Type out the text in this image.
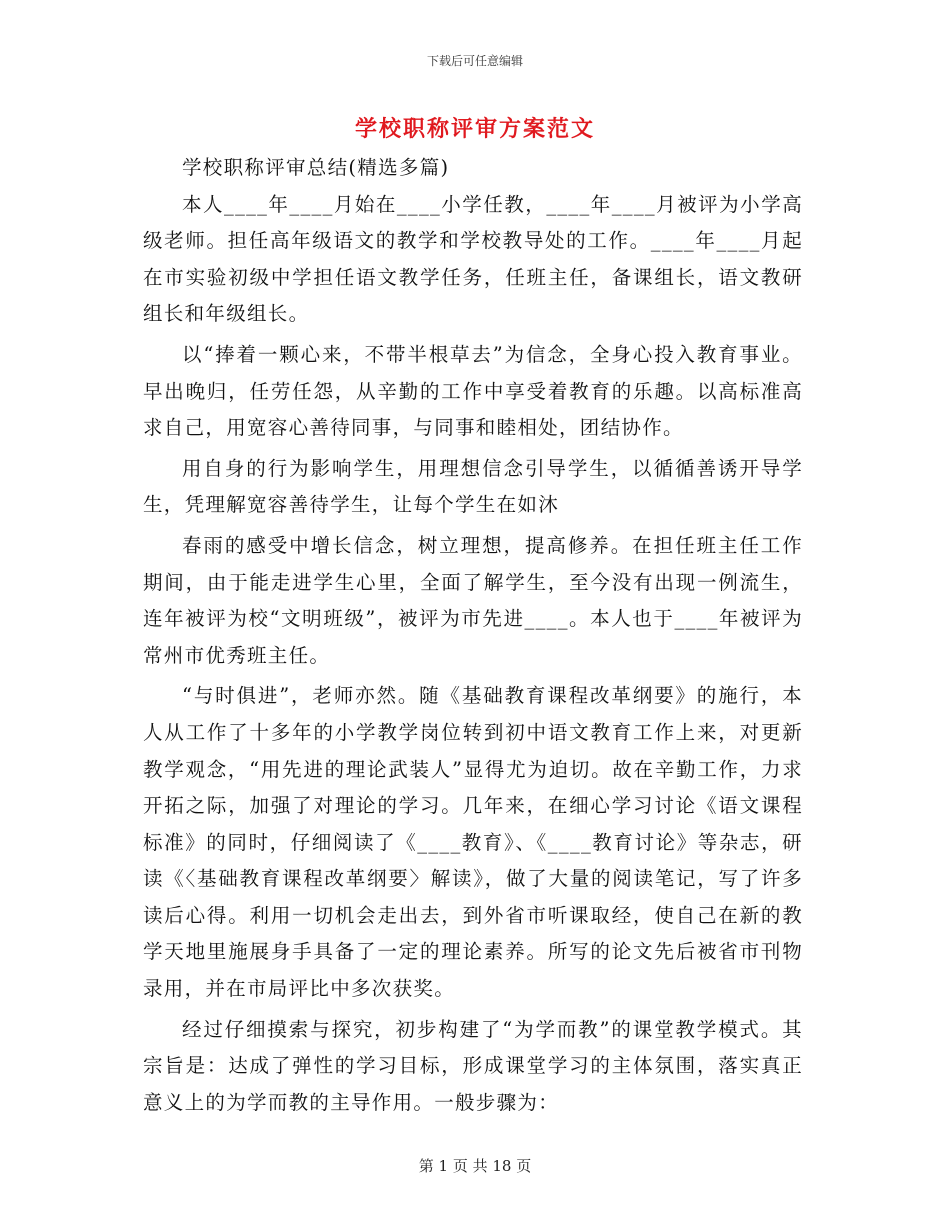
下载后可任意编辑
学校职称评审方案范文

学校职称评审总结(精选多篇)

本人____年____月始在____小学任教，____年____月被评为小学高级老师。担任高年级语文的教学和学校教导处的工作。____年____月起在市实验初级中学担任语文教学任务，任班主任，备课组长，语文教研组长和年级组长。

以“捧着一颗心来，不带半根草去”为信念，全身心投入教育事业。早出晚归，任劳任怨，从辛勤的工作中享受着教育的乐趣。以高标准高求自己，用宽容心善待同事，与同事和睦相处，团结协作。

用自身的行为影响学生，用理想信念引导学生，以循循善诱开导学生，凭理解宽容善待学生，让每个学生在如沐

春雨的感受中增长信念，树立理想，提高修养。在担任班主任工作期间，由于能走进学生心里，全面了解学生，至今没有出现一例流生，连年被评为校“文明班级”，被评为市先进____。本人也于____年被评为常州市优秀班主任。

“与时俱进”，老师亦然。随《基础教育课程改革纲要》的施行，本人从工作了十多年的小学教学岗位转到初中语文教育工作上来，对更新教学观念，“用先进的理论武装人”显得尤为迫切。故在辛勤工作，力求开拓之际，加强了对理论的学习。几年来，在细心学习讨论《语文课程标准》的同时，仔细阅读了《____教育》、《____教育讨论》等杂志，研读《〈基础教育课程改革纲要〉解读》，做了大量的阅读笔记，写了许多读后心得。利用一切机会走出去，到外省市听课取经，使自己在新的教学天地里施展身手具备了一定的理论素养。所写的论文先后被省市刊物录用，并在市局评比中多次获奖。

经过仔细摸索与探究，初步构建了“为学而教”的课堂教学模式。其宗旨是：达成了弹性的学习目标，形成课堂学习的主体氛围，落实真正意义上的为学而教的主导作用。一般步骤为：

第 1 页 共 18 页
